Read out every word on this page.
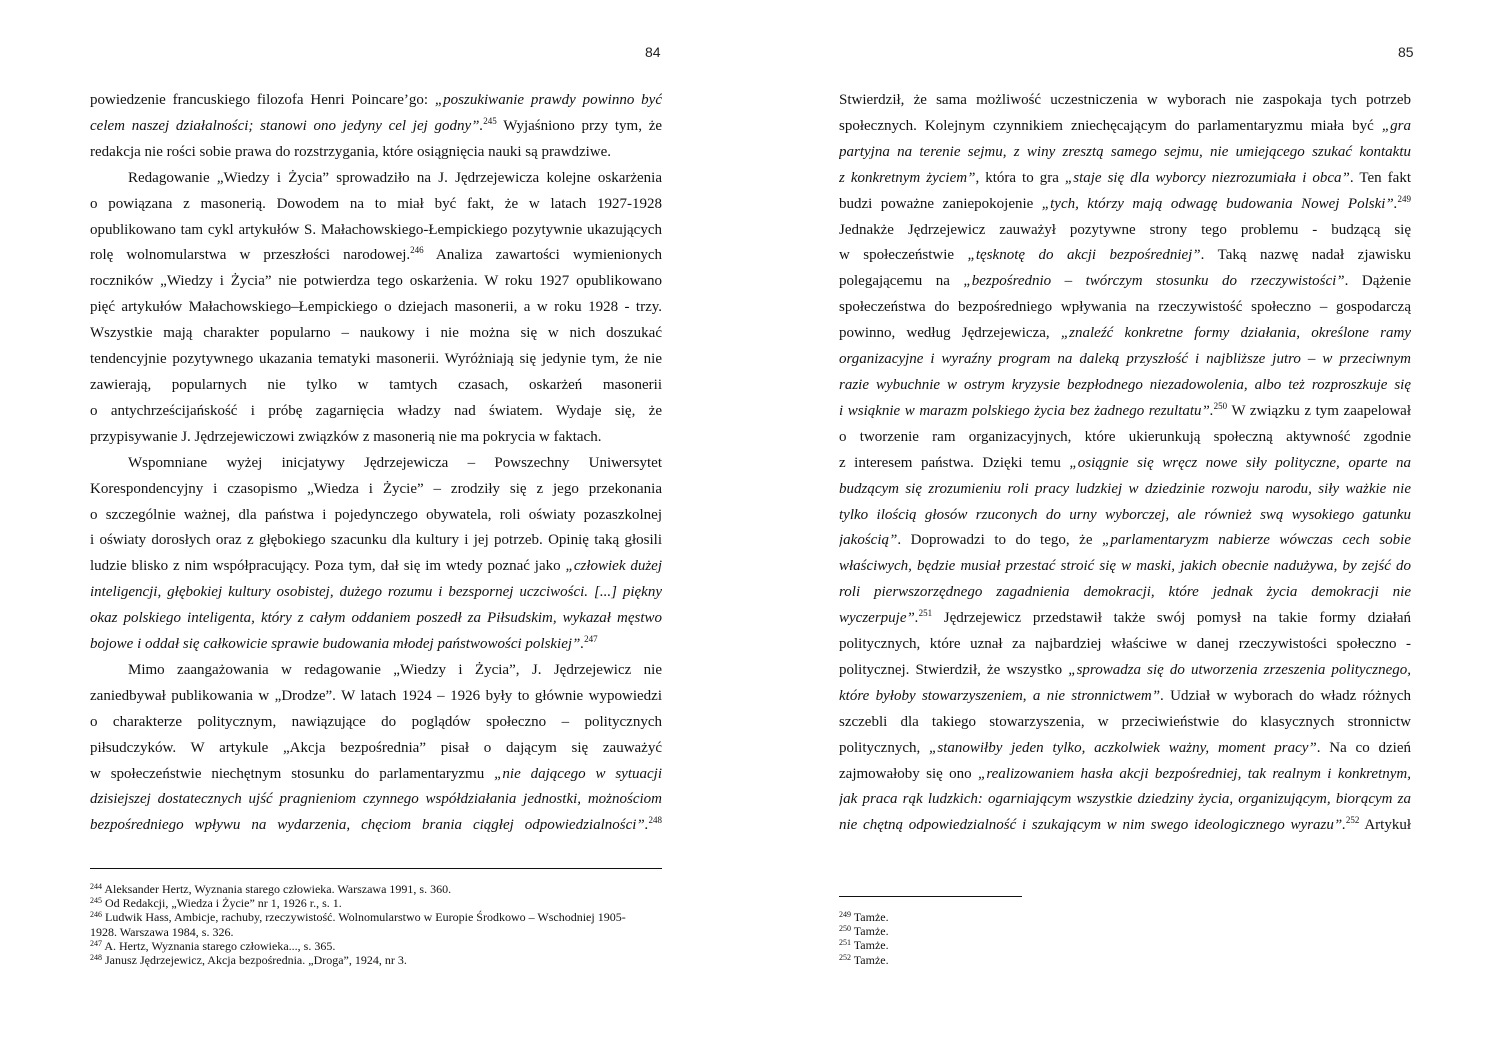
84

powiedzenie francuskiego filozofa Henri Poincare’go: „poszukiwanie prawdy powinno być

celem naszej działalności; stanowi ono jedyny cel jej godny”.$^{245}$ Wyjaśniono przy tym, że

redakcja nie rości sobie prawa do rozstrzygania, które osiągnięcia nauki są prawdziwe.

Redagowanie „Wiedzy i Życia” sprowadziło na J. Jędrzejewicza kolejne oskarżenia

o powiązana z masonerią. Dowodem na to miał być fakt, że w latach 1927-1928

opublikowano tam cykl artykułów S. Małachowskiego-Łempickiego pozytywnie ukazujących

rolę wolnomularstwa w przeszłości narodowej.$^{246}$ Analiza zawartości wymienionych

roczników „Wiedzy i Życia” nie potwierdza tego oskarżenia. W roku 1927 opublikowano

pięć artykułów Małachowskiego–Łempickiego o dziejach masonerii, a w roku 1928 - trzy.

Wszystkie mają charakter popularno – naukowy i nie można się w nich doszukać

tendencyjnie pozytywnego ukazania tematyki masonerii. Wyróżniają się jedynie tym, że nie

zawierają, popularnych nie tylko w tamtych czasach, oskarżeń masonerii

o antychrześcijańskość i próbę zagarnięcia władzy nad światem. Wydaje się, że

przypisywanie J. Jędrzejewiczowi związków z masonerią nie ma pokrycia w faktach.

Wspomniane wyżej inicjatywy Jędrzejewicza – Powszechny Uniwersytet

Korespondencyjny i czasopismo „Wiedza i Życie” – zrodziły się z jego przekonania

o szczególnie ważnej, dla państwa i pojedynczego obywatela, roli oświaty pozaszkolnej

i oświaty dorosłych oraz z głębokiego szacunku dla kultury i jej potrzeb. Opinię taką głosili

ludzie blisko z nim współpracujący. Poza tym, dał się im wtedy poznać jako „człowiek dużej

inteligencji, głębokiej kultury osobistej, dużego rozumu i bezspornej uczciwości. [...] piękny

okaz polskiego inteligenta, który z całym oddaniem poszedł za Piłsudskim, wykazał męstwo

bojowe i oddał się całkowicie sprawie budowania młodej państwowości polskiej”.$^{247}$

Mimo zaangażowania w redagowanie „Wiedzy i Życia”, J. Jędrzejewicz nie

zaniedbywał publikowania w „Drodze”. W latach 1924 – 1926 były to głównie wypowiedzi

o charakterze politycznym, nawiązujące do poglądów społeczno – politycznych

piłsudczyków. W artykule „Akcja bezpośrednia” pisał o dającym się zauważyć

w społeczeństwie niechętnym stosunku do parlamentaryzmu „nie dającego w sytuacji

dzisiejszej dostatecznych ujść pragnieniom czynnego współdziałania jednostki, możnościom

bezpośredniego wpływu na wydarzenia, chęciom brania ciągłej odpowiedzialności”.$^{248}$

$^{244}$ Aleksander Hertz, Wyznania starego człowieka. Warszawa 1991, s. 360.
$^{245}$ Od Redakcji, „Wiedza i Życie” nr 1, 1926 r., s. 1.
$^{246}$ Ludwik Hass, Ambicje, rachuby, rzeczywistość. Wolnomularstwo w Europie Środkowo – Wschodniej 1905-
1928. Warszawa 1984, s. 326.
$^{247}$ A. Hertz, Wyznania starego człowieka..., s. 365.
$^{248}$ Janusz Jędrzejewicz, Akcja bezpośrednia. „Droga”, 1924, nr 3.
85

Stwierdził, że sama możliwość uczestniczenia w wyborach nie zaspokaja tych potrzeb

społecznych. Kolejnym czynnikiem zniechęcającym do parlamentaryzmu miała być „gra

partyjna na terenie sejmu, z winy zresztą samego sejmu, nie umiejącego szukać kontaktu

z konkretnym życiem”, która to gra „staje się dla wyborcy niezrozumiała i obca”. Ten fakt

budzi poważne zaniepokojenie „tych, którzy mają odwagę budowania Nowej Polski”.$^{249}$

Jednakże Jędrzejewicz zauważył pozytywne strony tego problemu - budzącą się

w społeczeństwie „tęsknotę do akcji bezpośredniej”. Taką nazwę nadał zjawisku

polegającemu na „bezpośrednio – twórczym stosunku do rzeczywistości”. Dążenie

społeczeństwa do bezpośredniego wpływania na rzeczywistość społeczno – gospodarczą

powinno, według Jędrzejewicza, „znaleźć konkretne formy działania, określone ramy

organizacyjne i wyraźny program na daleką przyszłość i najbliższe jutro – w przeciwnym

razie wybuchnie w ostrym kryzysie bezpłodnego niezadowolenia, albo też rozproszkuje się

i wsiąknie w marazm polskiego życia bez żadnego rezultatu”.$^{250}$ W związku z tym zaapelował

o tworzenie ram organizacyjnych, które ukierunkują społeczną aktywność zgodnie

z interesem państwa. Dzięki temu „osiągnie się wręcz nowe siły polityczne, oparte na

budzącym się zrozumieniu roli pracy ludzkiej w dziedzinie rozwoju narodu, siły ważkie nie

tylko ilością głosów rzuconych do urny wyborczej, ale również swą wysokiego gatunku

jakością”. Doprowadzi to do tego, że „parlamentaryzm nabierze wówczas cech sobie

właściwych, będzie musiał przestać stroić się w maski, jakich obecnie nadużywa, by zejść do

roli pierwszorzędnego zagadnienia demokracji, które jednak życia demokracji nie

wyczerpuje”.$^{251}$ Jędrzejewicz przedstawił także swój pomysł na takie formy działań

politycznych, które uznał za najbardziej właściwe w danej rzeczywistości społeczno -

politycznej. Stwierdził, że wszystko „sprowadza się do utworzenia zrzeszenia politycznego,

które byłoby stowarzyszeniem, a nie stronnictwem”. Udział w wyborach do władz różnych

szczebli dla takiego stowarzyszenia, w przeciwieństwie do klasycznych stronnictw

politycznych, „stanowiłby jeden tylko, aczkolwiek ważny, moment pracy”. Na co dzień

zajmowałoby się ono „realizowaniem hasła akcji bezpośredniej, tak realnym i konkretnym,

jak praca rąk ludzkich: ogarniającym wszystkie dziedziny życia, organizującym, biorącym za

nie chętną odpowiedzialność i szukającym w nim swego ideologicznego wyrazu”.$^{252}$ Artykuł

$^{249}$ Tamże.
$^{250}$ Tamże.
$^{251}$ Tamże.
$^{252}$ Tamże.
